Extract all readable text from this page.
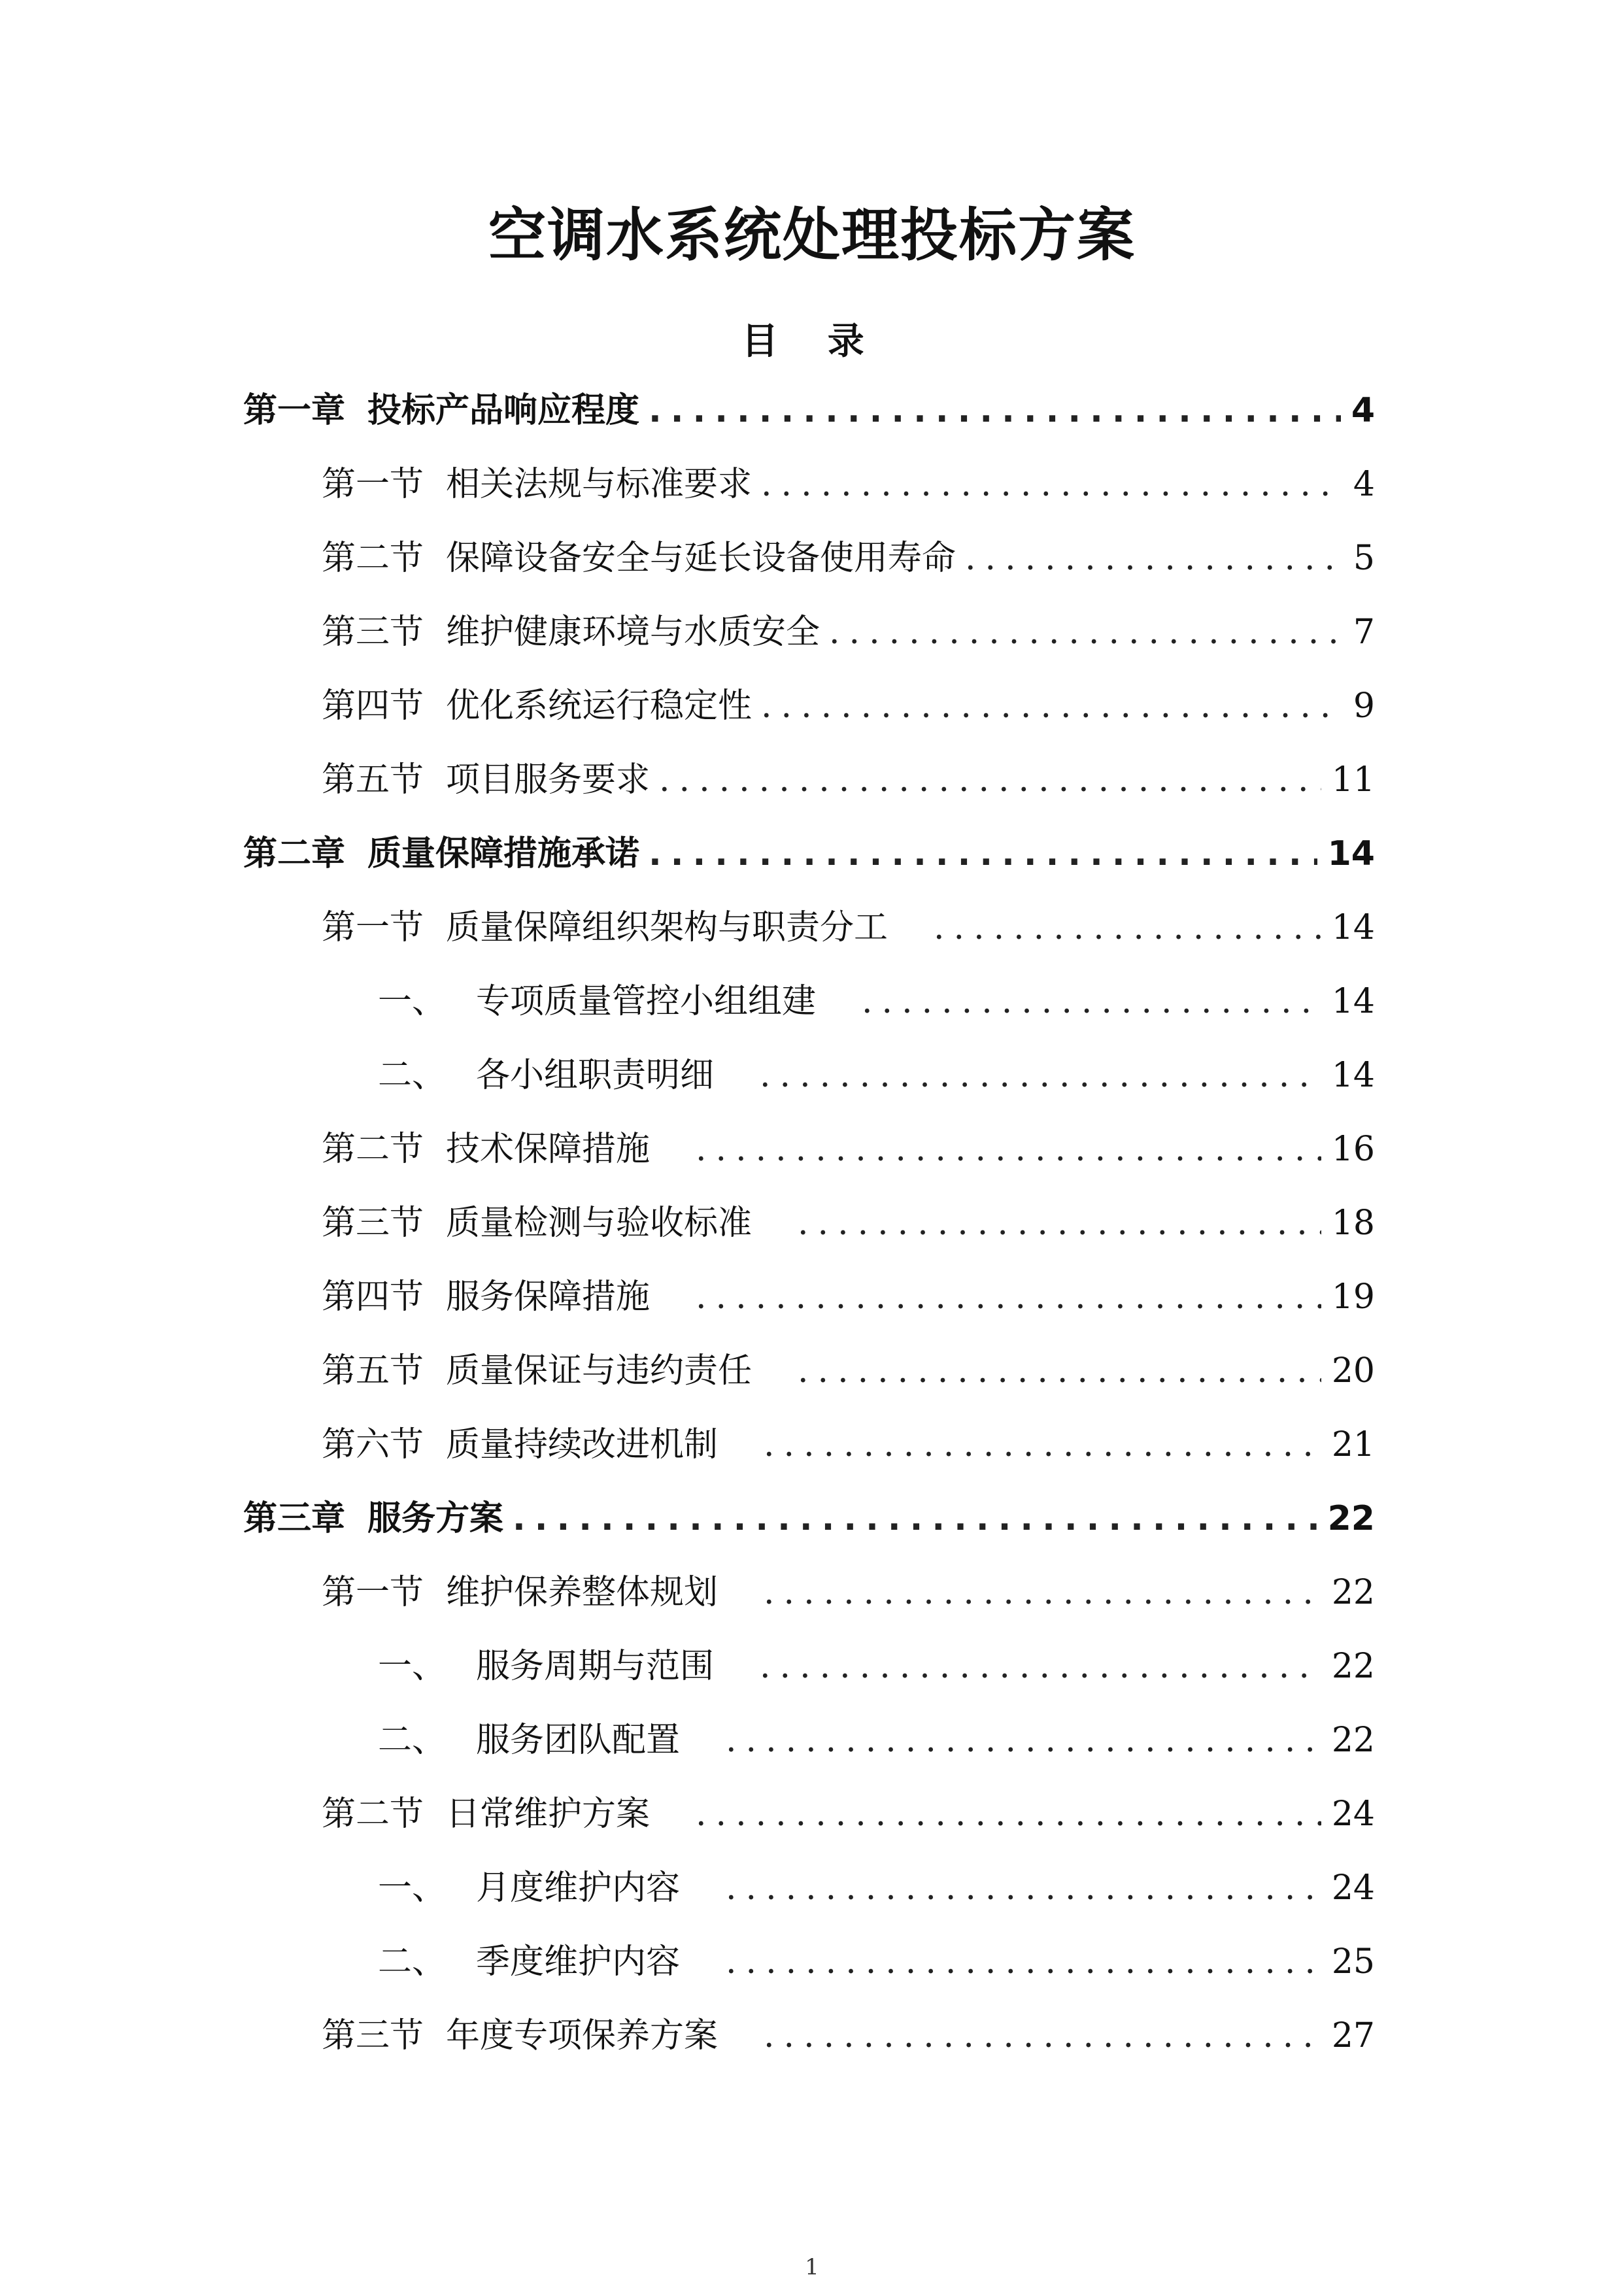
空调水系统处理投标方案
目 录
第一章 投标产品响应程度 .....	4
第一节 相关法规与标准要求 .....	4
第二节 保障设备安全与延长设备使用寿命 .....	5
第三节 维护健康环境与水质安全 .....	7
第四节 优化系统运行稳定性 .....	9
第五节 项目服务要求 .....	11
第二章 质量保障措施承诺 .....	14
第一节 质量保障组织架构与职责分工 .....	14
一、 专项质量管控小组组建 .....	14
二、 各小组职责明细 .....	14
第二节 技术保障措施 .....	16
第三节 质量检测与验收标准 .....	18
第四节 服务保障措施 .....	19
第五节 质量保证与违约责任 .....	20
第六节 质量持续改进机制 .....	21
第三章 服务方案 .....	22
第一节 维护保养整体规划 .....	22
一、 服务周期与范围 .....	22
二、 服务团队配置 .....	22
第二节 日常维护方案 .....	24
一、 月度维护内容 .....	24
二、 季度维护内容 .....	25
第三节 年度专项保养方案 .....	27
1
